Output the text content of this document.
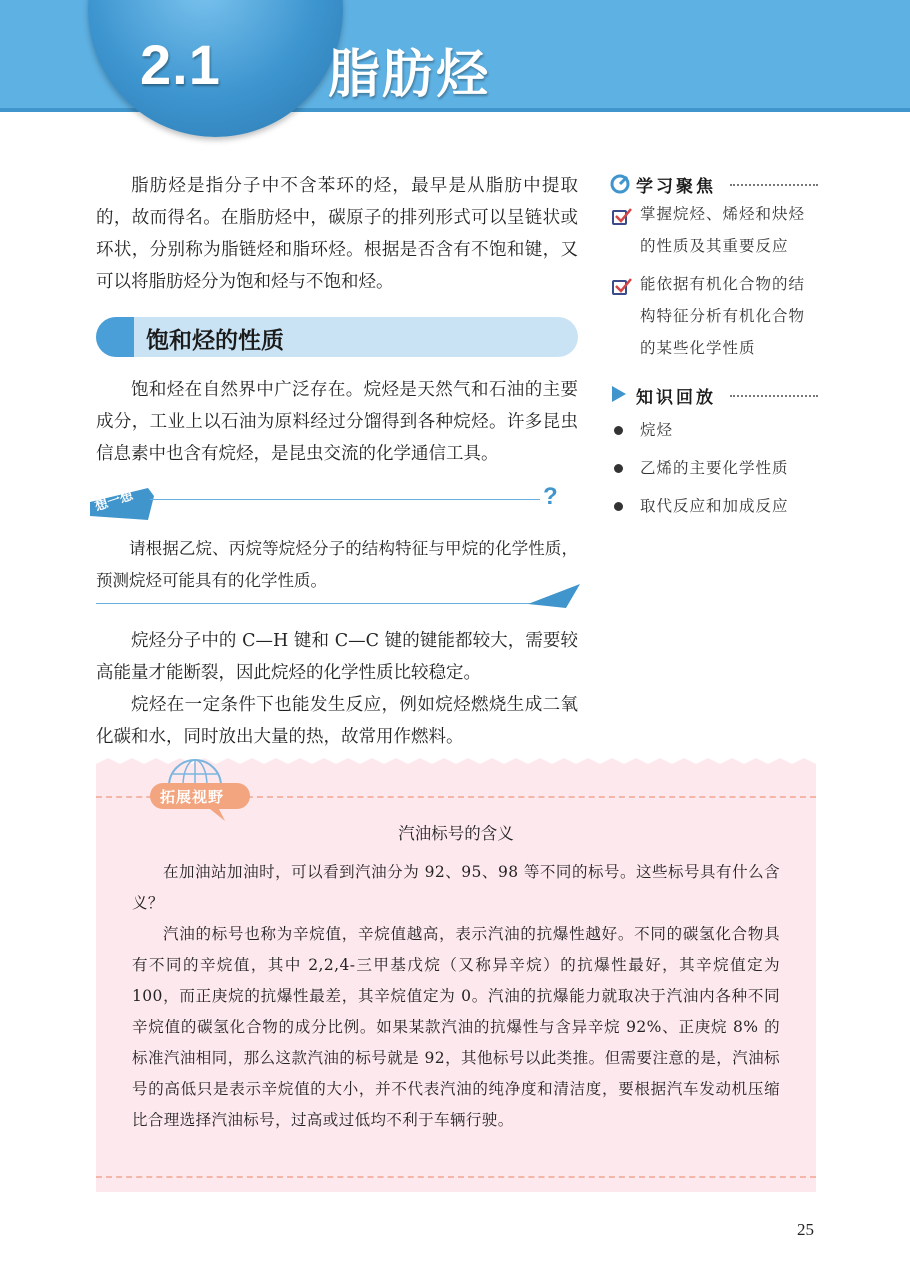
2.1 脂肪烃

脂肪烃是指分子中不含苯环的烃，最早是从脂肪中提取的，故而得名。在脂肪烃中，碳原子的排列形式可以呈链状或环状，分别称为脂链烃和脂环烃。根据是否含有不饱和键，又可以将脂肪烃分为饱和烃与不饱和烃。

饱和烃的性质

饱和烃在自然界中广泛存在。烷烃是天然气和石油的主要成分，工业上以石油为原料经过分馏得到各种烷烃。许多昆虫信息素中也含有烷烃，是昆虫交流的化学通信工具。

想一想	?

请根据乙烷、丙烷等烷烃分子的结构特征与甲烷的化学性质，预测烷烃可能具有的化学性质。

烷烃分子中的 C—H 键和 C—C 键的键能都较大，需要较高能量才能断裂，因此烷烃的化学性质比较稳定。

烷烃在一定条件下也能发生反应，例如烷烃燃烧生成二氧化碳和水，同时放出大量的热，故常用作燃料。

学习聚焦
掌握烷烃、烯烃和炔烃的性质及其重要反应
能依据有机化合物的结构特征分析有机化合物的某些化学性质
知识回放
烷烃
乙烯的主要化学性质
取代反应和加成反应
拓展视野
汽油标号的含义

在加油站加油时，可以看到汽油分为 92、95、98 等不同的标号。这些标号具有什么含义？

汽油的标号也称为辛烷值，辛烷值越高，表示汽油的抗爆性越好。不同的碳氢化合物具有不同的辛烷值，其中 2,2,4-三甲基戊烷（又称异辛烷）的抗爆性最好，其辛烷值定为 100，而正庚烷的抗爆性最差，其辛烷值定为 0。汽油的抗爆能力就取决于汽油内各种不同辛烷值的碳氢化合物的成分比例。如果某款汽油的抗爆性与含异辛烷 92%、正庚烷 8% 的标准汽油相同，那么这款汽油的标号就是 92，其他标号以此类推。但需要注意的是，汽油标号的高低只是表示辛烷值的大小，并不代表汽油的纯净度和清洁度，要根据汽车发动机压缩比合理选择汽油标号，过高或过低均不利于车辆行驶。

25
